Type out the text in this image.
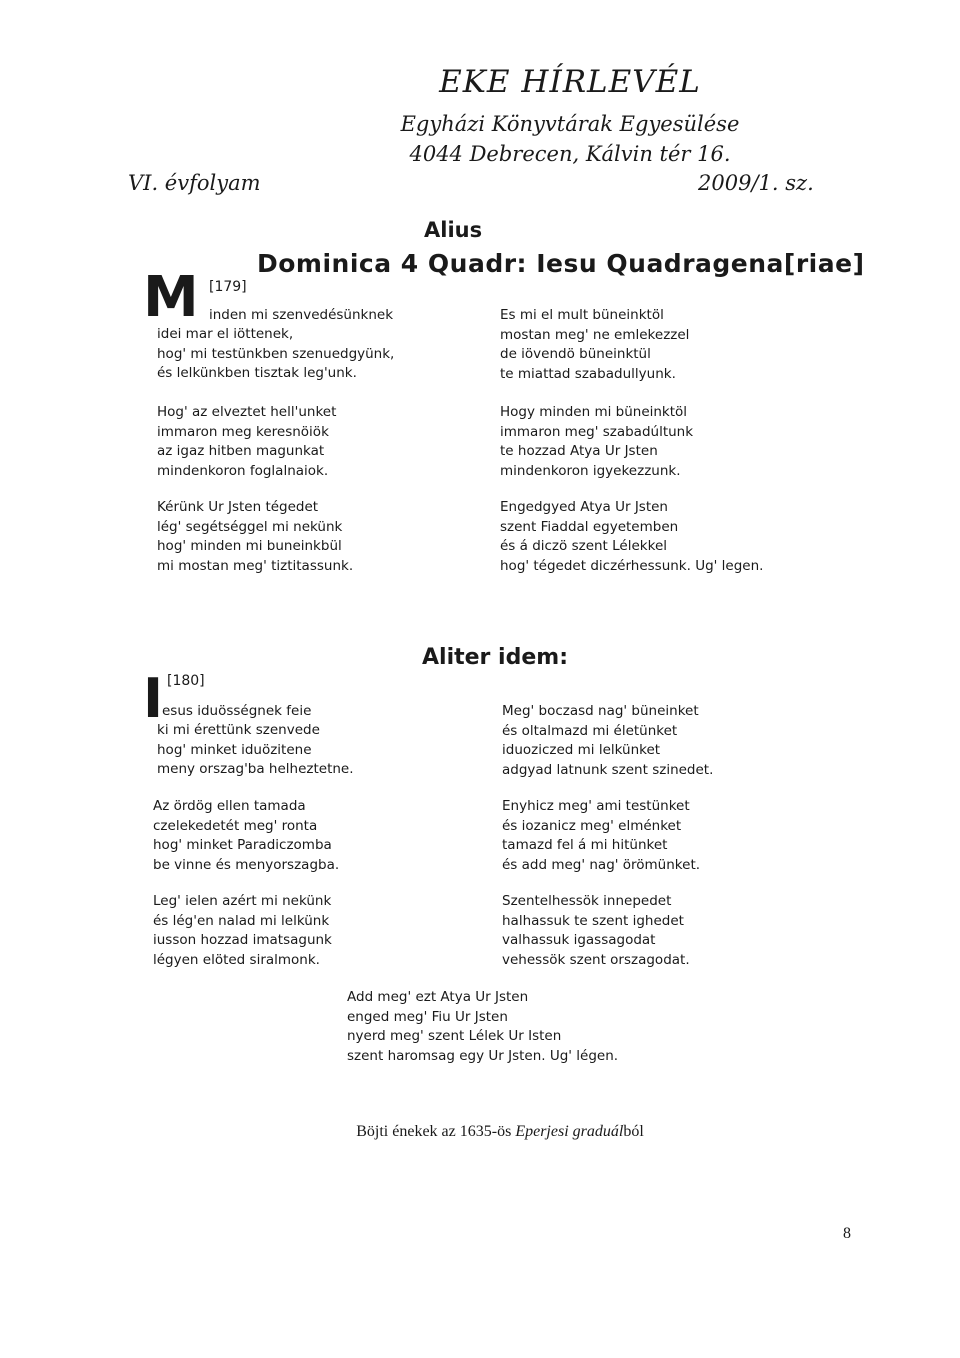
EKE HÍRLEVÉL
Egyházi Könyvtárak Egyesülése
4044 Debrecen, Kálvin tér 16.
VI. évfolyam	2009/1. sz.
Alius
Dominica 4 Quadr: Iesu Quadragena[riae]
M [179]
inden mi szenvedésünknek
idei mar el iöttenek,
hog' mi testünkben szenuedgyünk,
és lelkünkben tisztak leg'unk.
Hog' az elveztet hell'unket
immaron meg keresnöiök
az igaz hitben magunkat
mindenkoron foglalnaiok.
Kérünk Ur Jsten tégedet
lég' segétséggel mi nekünk
hog' minden mi buneinkbül
mi mostan meg' tiztitassunk.
Es mi el mult büneinktöl
mostan meg' ne emlekezzel
de iövendö büneinktül
te miattad szabadullyunk.
Hogy minden mi büneinktöl
immaron meg' szabadúltunk
te hozzad Atya Ur Jsten
mindenkoron igyekezzunk.
Engedgyed Atya Ur Jsten
szent Fiaddal egyetemben
és á diczö szent Lélekkel
hog' tégedet diczérhessunk. Ug' legen.
Aliter idem:
I [180]
esus iduösségnek feie
ki mi érettünk szenvede
hog' minket iduözitene
meny orszag'ba helheztetne.
Az ördög ellen tamada
czelekedetét meg' ronta
hog' minket Paradiczomba
be vinne és menyorszagba.
Leg' ielen azért mi nekünk
és lég'en nalad mi lelkünk
iusson hozzad imatsagunk
légyen elöted siralmonk.
Meg' boczasd nag' büneinket
és oltalmazd mi életünket
iduoziczed mi lelkünket
adgyad latnunk szent szinedet.
Enyhicz meg' ami testünket
és iozanicz meg' elménket
tamazd fel á mi hitünket
és add meg' nag' örömünket.
Szentelhessök innepedet
halhassuk te szent ighedet
valhassuk igassagodat
vehessök szent orszagodat.
Add meg' ezt Atya Ur Jsten
enged meg' Fiu Ur Jsten
nyerd meg' szent Lélek Ur Isten
szent haromsag egy Ur Jsten. Ug' légen.
Böjti énekek az 1635-ös Eperjesi graduálból
8
